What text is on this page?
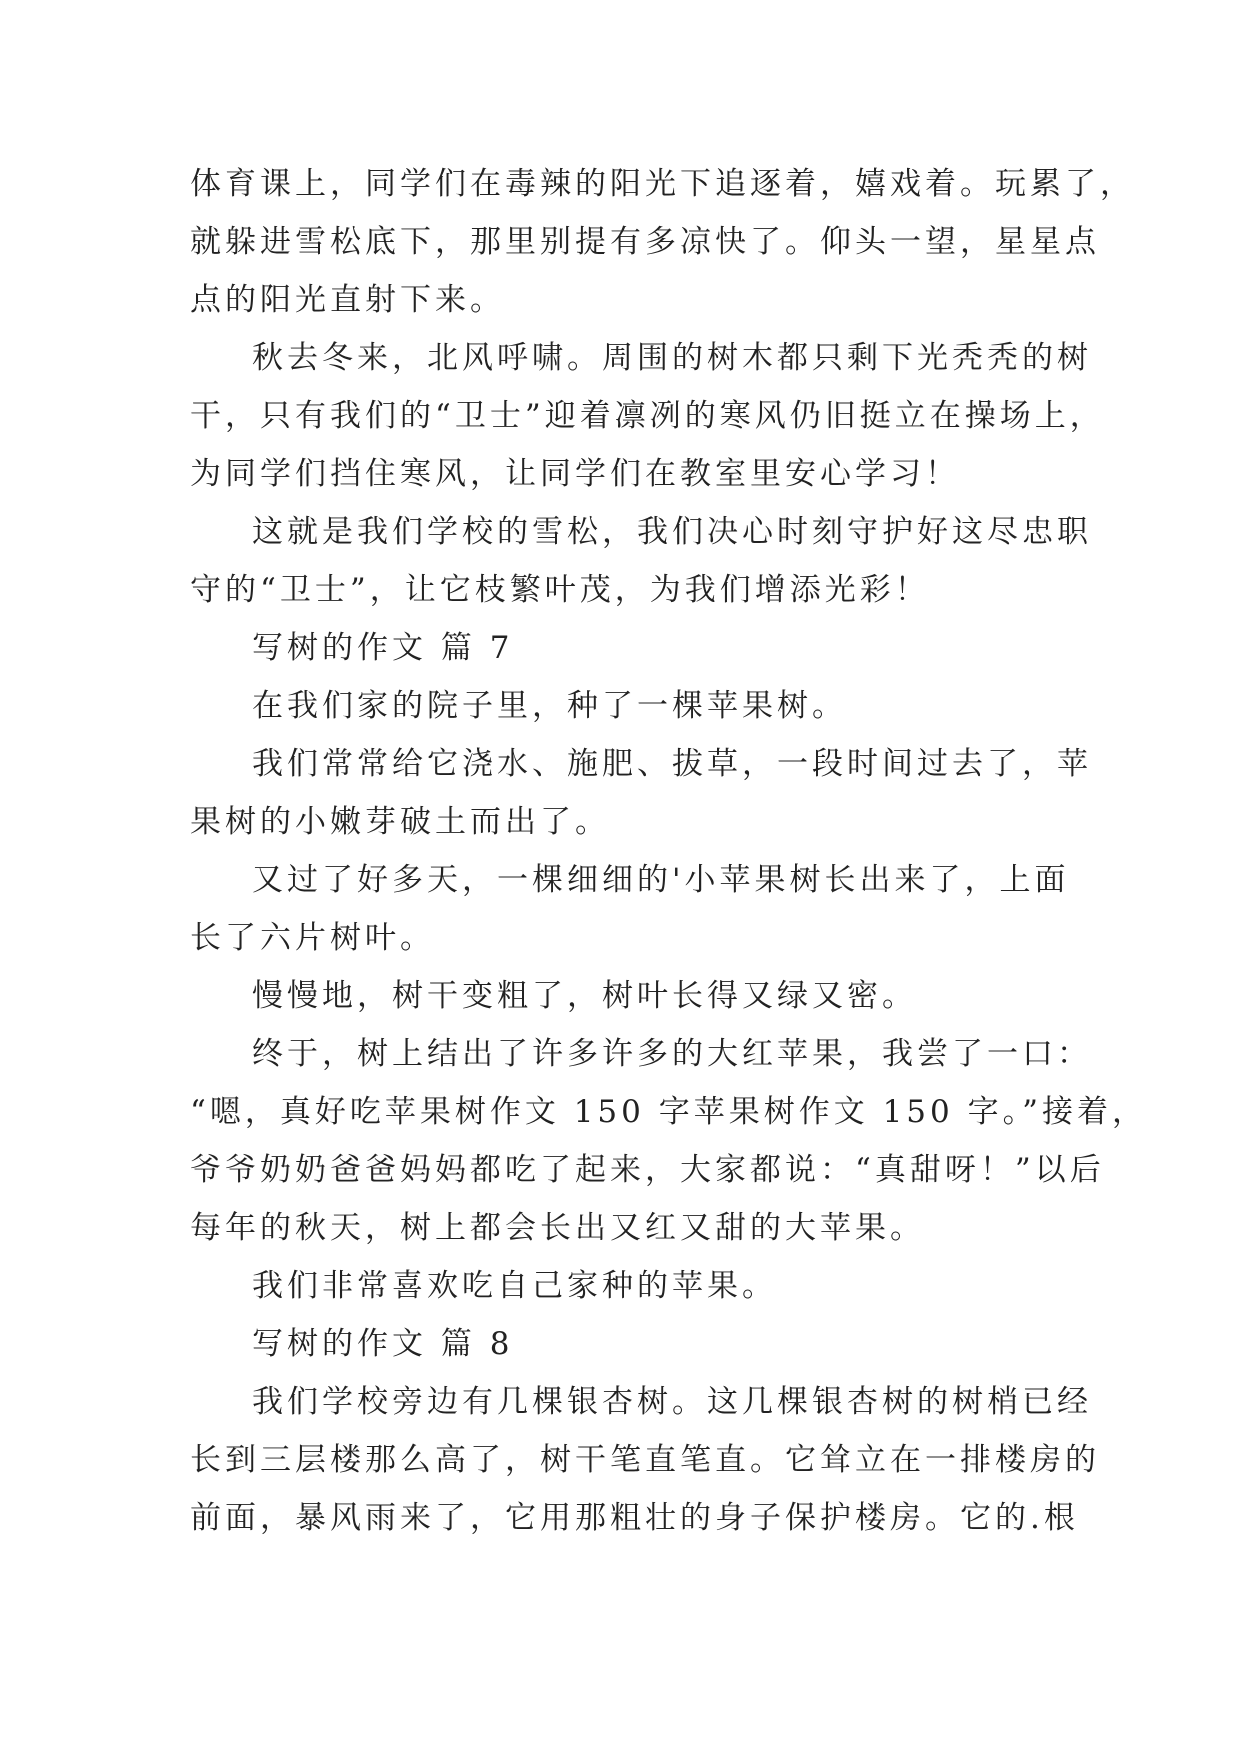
体育课上，同学们在毒辣的阳光下追逐着，嬉戏着。玩累了，
就躲进雪松底下，那里别提有多凉快了。仰头一望，星星点
点的阳光直射下来。
秋去冬来，北风呼啸。周围的树木都只剩下光秃秃的树
干，只有我们的“卫士”迎着凛冽的寒风仍旧挺立在操场上，
为同学们挡住寒风，让同学们在教室里安心学习！
这就是我们学校的雪松，我们决心时刻守护好这尽忠职
守的“卫士”，让它枝繁叶茂，为我们增添光彩！
写树的作文 篇 7
在我们家的院子里，种了一棵苹果树。
我们常常给它浇水、施肥、拔草，一段时间过去了，苹
果树的小嫩芽破土而出了。
又过了好多天，一棵细细的'小苹果树长出来了，上面
长了六片树叶。
慢慢地，树干变粗了，树叶长得又绿又密。
终于，树上结出了许多许多的大红苹果，我尝了一口：
“嗯，真好吃苹果树作文 150 字苹果树作文 150 字。”接着，
爷爷奶奶爸爸妈妈都吃了起来，大家都说：“真甜呀！”以后
每年的秋天，树上都会长出又红又甜的大苹果。
我们非常喜欢吃自己家种的苹果。
写树的作文 篇 8
我们学校旁边有几棵银杏树。这几棵银杏树的树梢已经
长到三层楼那么高了，树干笔直笔直。它耸立在一排楼房的
前面，暴风雨来了，它用那粗壮的身子保护楼房。它的.根
